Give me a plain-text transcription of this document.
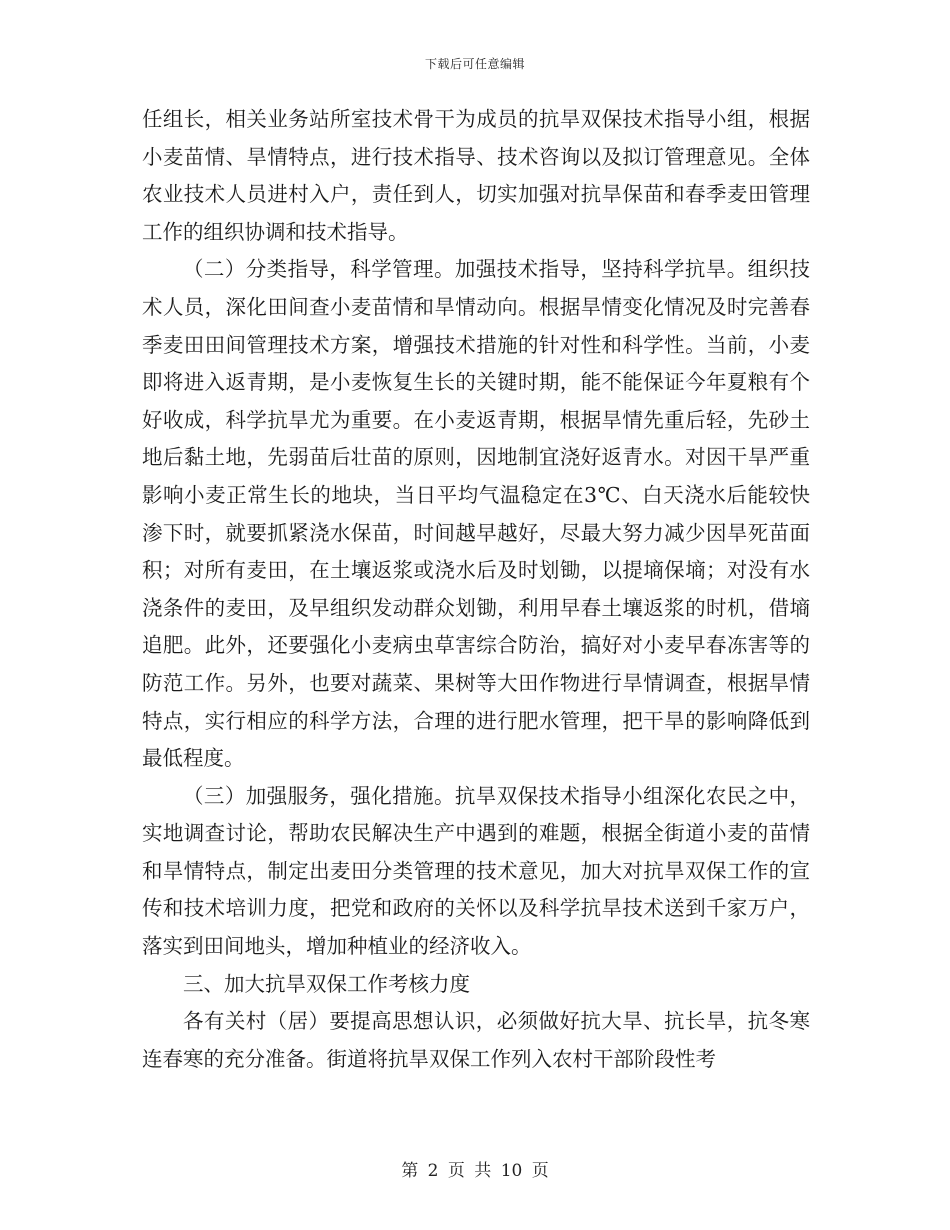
下载后可任意编辑

任组长，相关业务站所室技术骨干为成员的抗旱双保技术指导小组，根据小麦苗情、旱情特点，进行技术指导、技术咨询以及拟订管理意见。全体农业技术人员进村入户，责任到人，切实加强对抗旱保苗和春季麦田管理工作的组织协调和技术指导。

（二）分类指导，科学管理。加强技术指导，坚持科学抗旱。组织技术人员，深化田间查小麦苗情和旱情动向。根据旱情变化情况及时完善春季麦田田间管理技术方案，增强技术措施的针对性和科学性。当前，小麦即将进入返青期，是小麦恢复生长的关键时期，能不能保证今年夏粮有个好收成，科学抗旱尤为重要。在小麦返青期，根据旱情先重后轻，先砂土地后黏土地，先弱苗后壮苗的原则，因地制宜浇好返青水。对因干旱严重影响小麦正常生长的地块，当日平均气温稳定在3℃、白天浇水后能较快渗下时，就要抓紧浇水保苗，时间越早越好，尽最大努力减少因旱死苗面积；对所有麦田，在土壤返浆或浇水后及时划锄，以提墒保墒；对没有水浇条件的麦田，及早组织发动群众划锄，利用早春土壤返浆的时机，借墒追肥。此外，还要强化小麦病虫草害综合防治，搞好对小麦早春冻害等的防范工作。另外，也要对蔬菜、果树等大田作物进行旱情调查，根据旱情特点，实行相应的科学方法，合理的进行肥水管理，把干旱的影响降低到最低程度。

（三）加强服务，强化措施。抗旱双保技术指导小组深化农民之中，实地调查讨论，帮助农民解决生产中遇到的难题，根据全街道小麦的苗情和旱情特点，制定出麦田分类管理的技术意见，加大对抗旱双保工作的宣传和技术培训力度，把党和政府的关怀以及科学抗旱技术送到千家万户，落实到田间地头，增加种植业的经济收入。

三、加大抗旱双保工作考核力度

各有关村（居）要提高思想认识，必须做好抗大旱、抗长旱，抗冬寒连春寒的充分准备。街道将抗旱双保工作列入农村干部阶段性考

第 2 页 共 10 页
